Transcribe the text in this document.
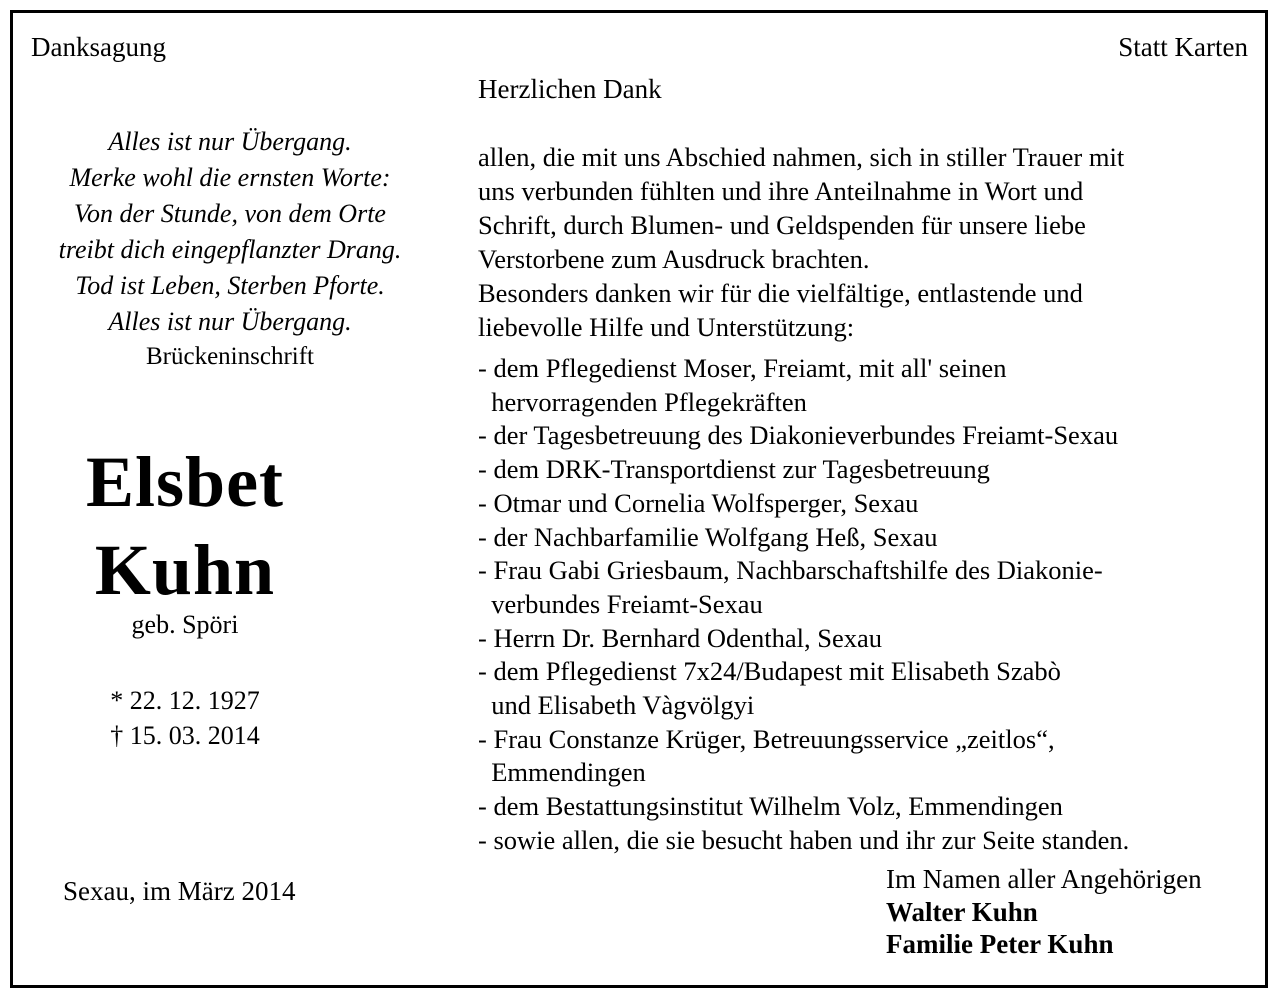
Danksagung	Statt Karten
Alles ist nur Übergang.
Merke wohl die ernsten Worte:
Von der Stunde, von dem Orte
treibt dich eingepflanzter Drang.
Tod ist Leben, Sterben Pforte.
Alles ist nur Übergang.
Brückeninschrift
Elsbet
Kuhn
geb. Spöri
* 22. 12. 1927
† 15. 03. 2014
Sexau, im März 2014
Herzlichen Dank
allen, die mit uns Abschied nahmen, sich in stiller Trauer mit
uns verbunden fühlten und ihre Anteilnahme in Wort und
Schrift, durch Blumen- und Geldspenden für unsere liebe
Verstorbene zum Ausdruck brachten.
Besonders danken wir für die vielfältige, entlastende und
liebevolle Hilfe und Unterstützung:
- dem Pflegedienst Moser, Freiamt, mit all' seinen
hervorragenden Pflegekräften
- der Tagesbetreuung des Diakonieverbundes Freiamt-Sexau
- dem DRK-Transportdienst zur Tagesbetreuung
- Otmar und Cornelia Wolfsperger, Sexau
- der Nachbarfamilie Wolfgang Heß, Sexau
- Frau Gabi Griesbaum, Nachbarschaftshilfe des Diakonie-
verbundes Freiamt-Sexau
- Herrn Dr. Bernhard Odenthal, Sexau
- dem Pflegedienst 7x24/Budapest mit Elisabeth Szabò
und Elisabeth Vàgvölgyi
- Frau Constanze Krüger, Betreuungsservice „zeitlos“,
Emmendingen
- dem Bestattungsinstitut Wilhelm Volz, Emmendingen
- sowie allen, die sie besucht haben und ihr zur Seite standen.
Im Namen aller Angehörigen
Walter Kuhn
Familie Peter Kuhn
